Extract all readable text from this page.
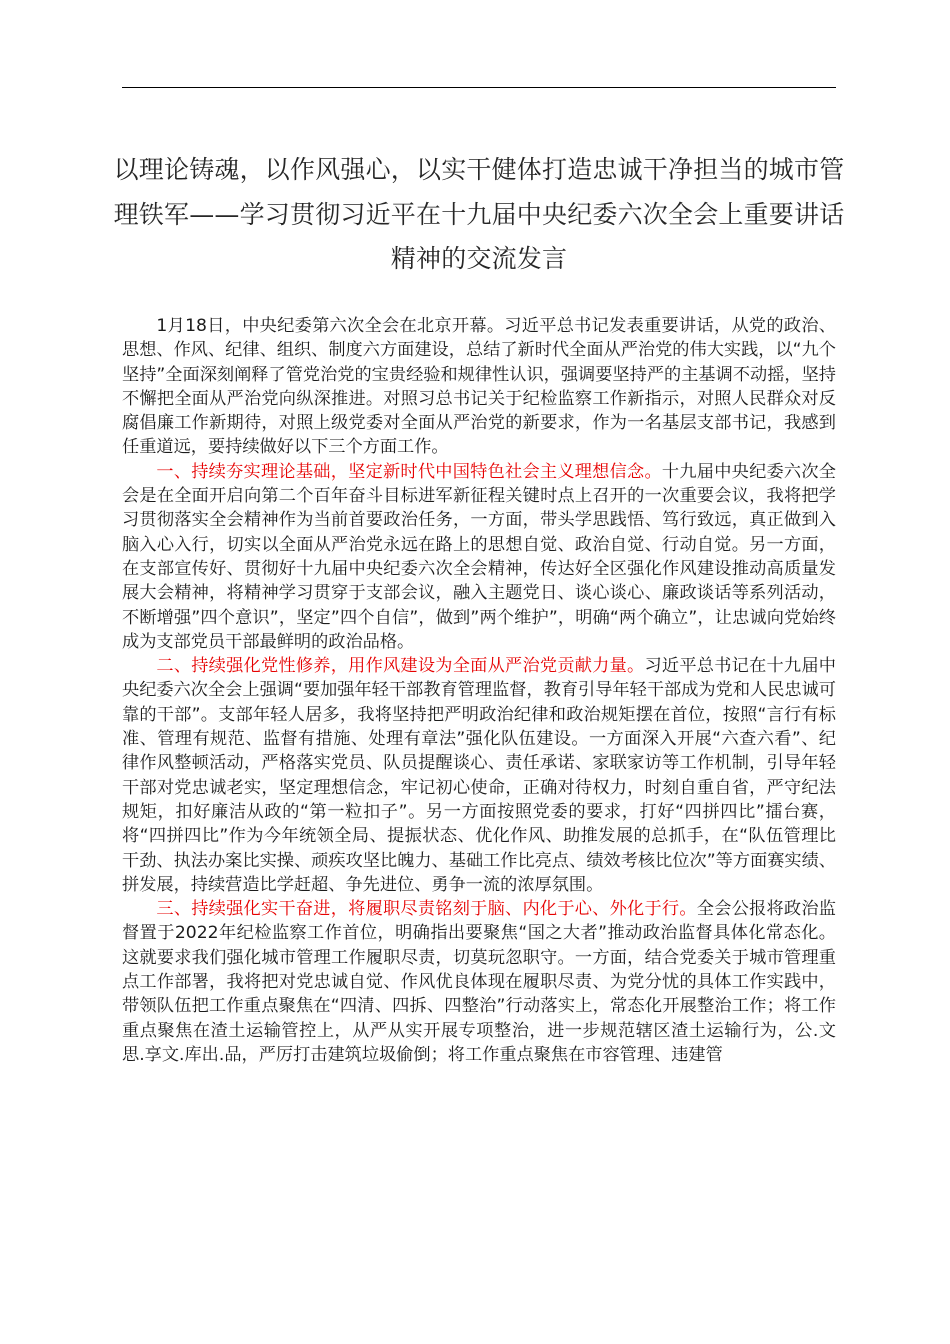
以理论铸魂，以作风强心，以实干健体打造忠诚干净担当的城市管理铁军——学习贯彻习近平在十九届中央纪委六次全会上重要讲话精神的交流发言

1月18日，中央纪委第六次全会在北京开幕。习近平总书记发表重要讲话，从党的政治、思想、作风、纪律、组织、制度六方面建设，总结了新时代全面从严治党的伟大实践，以“九个坚持”全面深刻阐释了管党治党的宝贵经验和规律性认识，强调要坚持严的主基调不动摇，坚持不懈把全面从严治党向纵深推进。对照习总书记关于纪检监察工作新指示，对照人民群众对反腐倡廉工作新期待，对照上级党委对全面从严治党的新要求，作为一名基层支部书记，我感到任重道远，要持续做好以下三个方面工作。

一、持续夯实理论基础，坚定新时代中国特色社会主义理想信念。十九届中央纪委六次全会是在全面开启向第二个百年奋斗目标进军新征程关键时点上召开的一次重要会议，我将把学习贯彻落实全会精神作为当前首要政治任务，一方面，带头学思践悟、笃行致远，真正做到入脑入心入行，切实以全面从严治党永远在路上的思想自觉、政治自觉、行动自觉。另一方面，在支部宣传好、贯彻好十九届中央纪委六次全会精神，传达好全区强化作风建设推动高质量发展大会精神，将精神学习贯穿于支部会议，融入主题党日、谈心谈心、廉政谈话等系列活动，不断增强”四个意识”，坚定”四个自信”，做到”两个维护”，明确“两个确立”，让忠诚向党始终成为支部党员干部最鲜明的政治品格。

二、持续强化党性修养，用作风建设为全面从严治党贡献力量。习近平总书记在十九届中央纪委六次全会上强调“要加强年轻干部教育管理监督，教育引导年轻干部成为党和人民忠诚可靠的干部”。支部年轻人居多，我将坚持把严明政治纪律和政治规矩摆在首位，按照“言行有标准、管理有规范、监督有措施、处理有章法”强化队伍建设。一方面深入开展“六查六看”、纪律作风整顿活动，严格落实党员、队员提醒谈心、责任承诺、家联家访等工作机制，引导年轻干部对党忠诚老实，坚定理想信念，牢记初心使命，正确对待权力，时刻自重自省，严守纪法规矩，扣好廉洁从政的“第一粒扣子”。另一方面按照党委的要求，打好“四拼四比”擂台赛，将“四拼四比”作为今年统领全局、提振状态、优化作风、助推发展的总抓手，在“队伍管理比干劲、执法办案比实操、顽疾攻坚比魄力、基础工作比亮点、绩效考核比位次”等方面赛实绩、拼发展，持续营造比学赶超、争先进位、勇争一流的浓厚氛围。

三、持续强化实干奋进，将履职尽责铭刻于脑、内化于心、外化于行。全会公报将政治监督置于2022年纪检监察工作首位，明确指出要聚焦“国之大者”推动政治监督具体化常态化。这就要求我们强化城市管理工作履职尽责，切莫玩忽职守。一方面，结合党委关于城市管理重点工作部署，我将把对党忠诚自觉、作风优良体现在履职尽责、为党分忧的具体工作实践中，带领队伍把工作重点聚焦在“四清、四拆、四整治”行动落实上，常态化开展整治工作；将工作重点聚焦在渣土运输管控上，从严从实开展专项整治，进一步规范辖区渣土运输行为，公.文思.享文.库出.品，严厉打击建筑垃圾偷倒；将工作重点聚焦在市容管理、违建管
